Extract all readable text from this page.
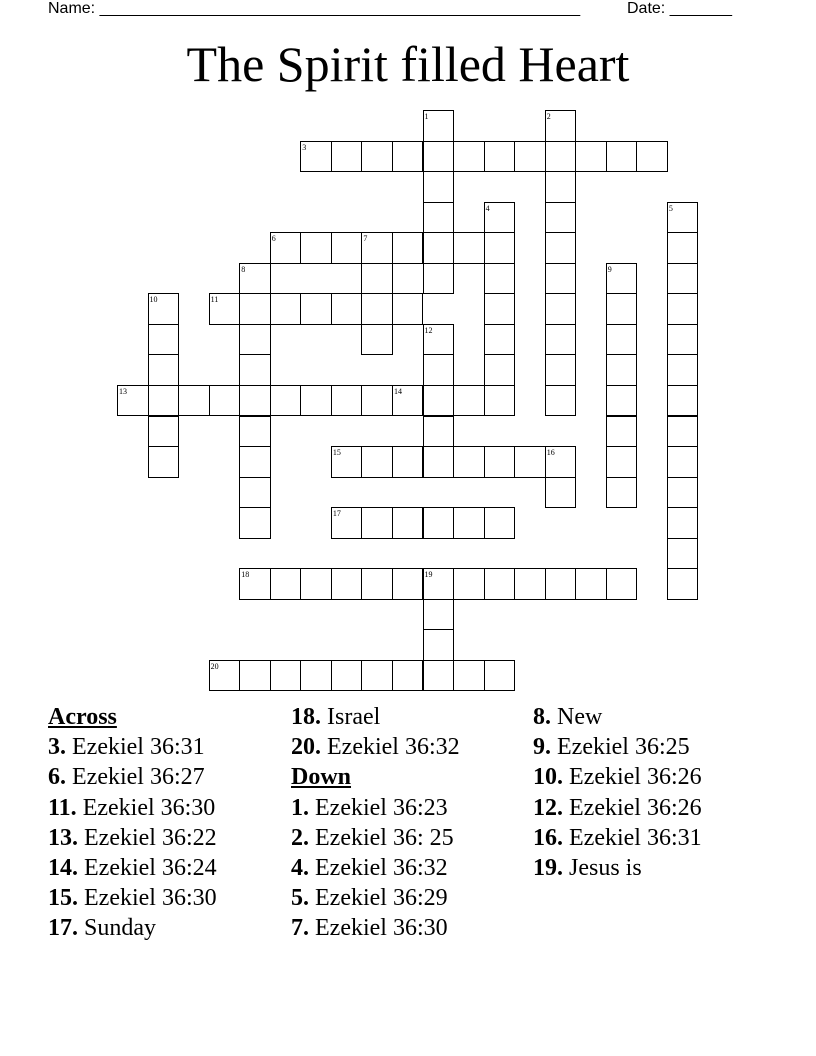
Name: ______________________________________________________	Date: _______
The Spirit filled Heart
1	2
3
4	5
6	7
8	9
10	11
12
13	14
15	16
17
18	19
20
Across
3. Ezekiel 36:31
6. Ezekiel 36:27
11. Ezekiel 36:30
13. Ezekiel 36:22
14. Ezekiel 36:24
15. Ezekiel 36:30
17. Sunday
18. Israel
20. Ezekiel 36:32
Down
1. Ezekiel 36:23
2. Ezekiel 36: 25
4. Ezekiel 36:32
5. Ezekiel 36:29
7. Ezekiel 36:30
8. New
9. Ezekiel 36:25
10. Ezekiel 36:26
12. Ezekiel 36:26
16. Ezekiel 36:31
19. Jesus is
